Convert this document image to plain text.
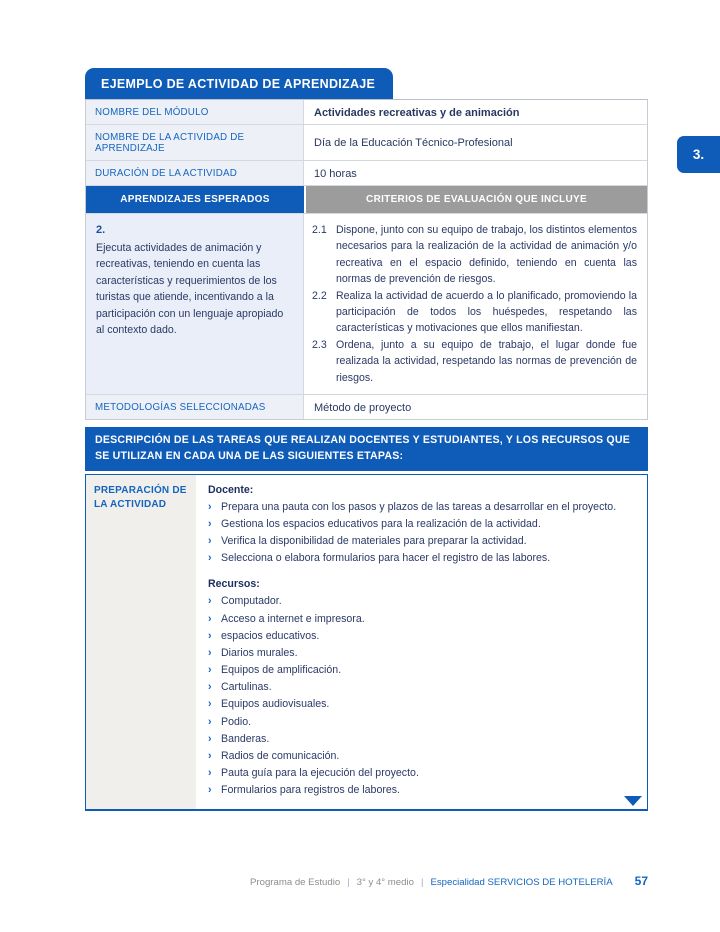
3.
EJEMPLO DE ACTIVIDAD DE APRENDIZAJE
NOMBRE DEL MÓDULO	Actividades recreativas y de animación
NOMBRE DE LA ACTIVIDAD DE APRENDIZAJE	Día de la Educación Técnico-Profesional
DURACIÓN DE LA ACTIVIDAD	10 horas
APRENDIZAJES ESPERADOS	CRITERIOS DE EVALUACIÓN QUE INCLUYE
2.
Ejecuta actividades de animación y recreativas, teniendo en cuenta las características y requerimientos de los turistas que atiende, incentivando a la participación con un lenguaje apropiado al contexto dado.
2.1 Dispone, junto con su equipo de trabajo, los distintos elementos necesarios para la realización de la actividad de animación y/o recreativa en el espacio definido, teniendo en cuenta las normas de prevención de riesgos.
2.2 Realiza la actividad de acuerdo a lo planificado, promoviendo la participación de todos los huéspedes, respetando las características y motivaciones que ellos manifiestan.
2.3 Ordena, junto a su equipo de trabajo, el lugar donde fue realizada la actividad, respetando las normas de prevención de riesgos.
METODOLOGÍAS SELECCIONADAS	Método de proyecto
DESCRIPCIÓN DE LAS TAREAS QUE REALIZAN DOCENTES Y ESTUDIANTES, Y LOS RECURSOS QUE SE UTILIZAN EN CADA UNA DE LAS SIGUIENTES ETAPAS:
PREPARACIÓN DE LA ACTIVIDAD
Docente:
› Prepara una pauta con los pasos y plazos de las tareas a desarrollar en el proyecto.
› Gestiona los espacios educativos para la realización de la actividad.
› Verifica la disponibilidad de materiales para preparar la actividad.
› Selecciona o elabora formularios para hacer el registro de las labores.
Recursos:
› Computador.
› Acceso a internet e impresora.
› espacios educativos.
› Diarios murales.
› Equipos de amplificación.
› Cartulinas.
› Equipos audiovisuales.
› Podio.
› Banderas.
› Radios de comunicación.
› Pauta guía para la ejecución del proyecto.
› Formularios para registros de labores.
Programa de Estudio | 3° y 4° medio | Especialidad SERVICIOS DE HOTELERÍA 57
